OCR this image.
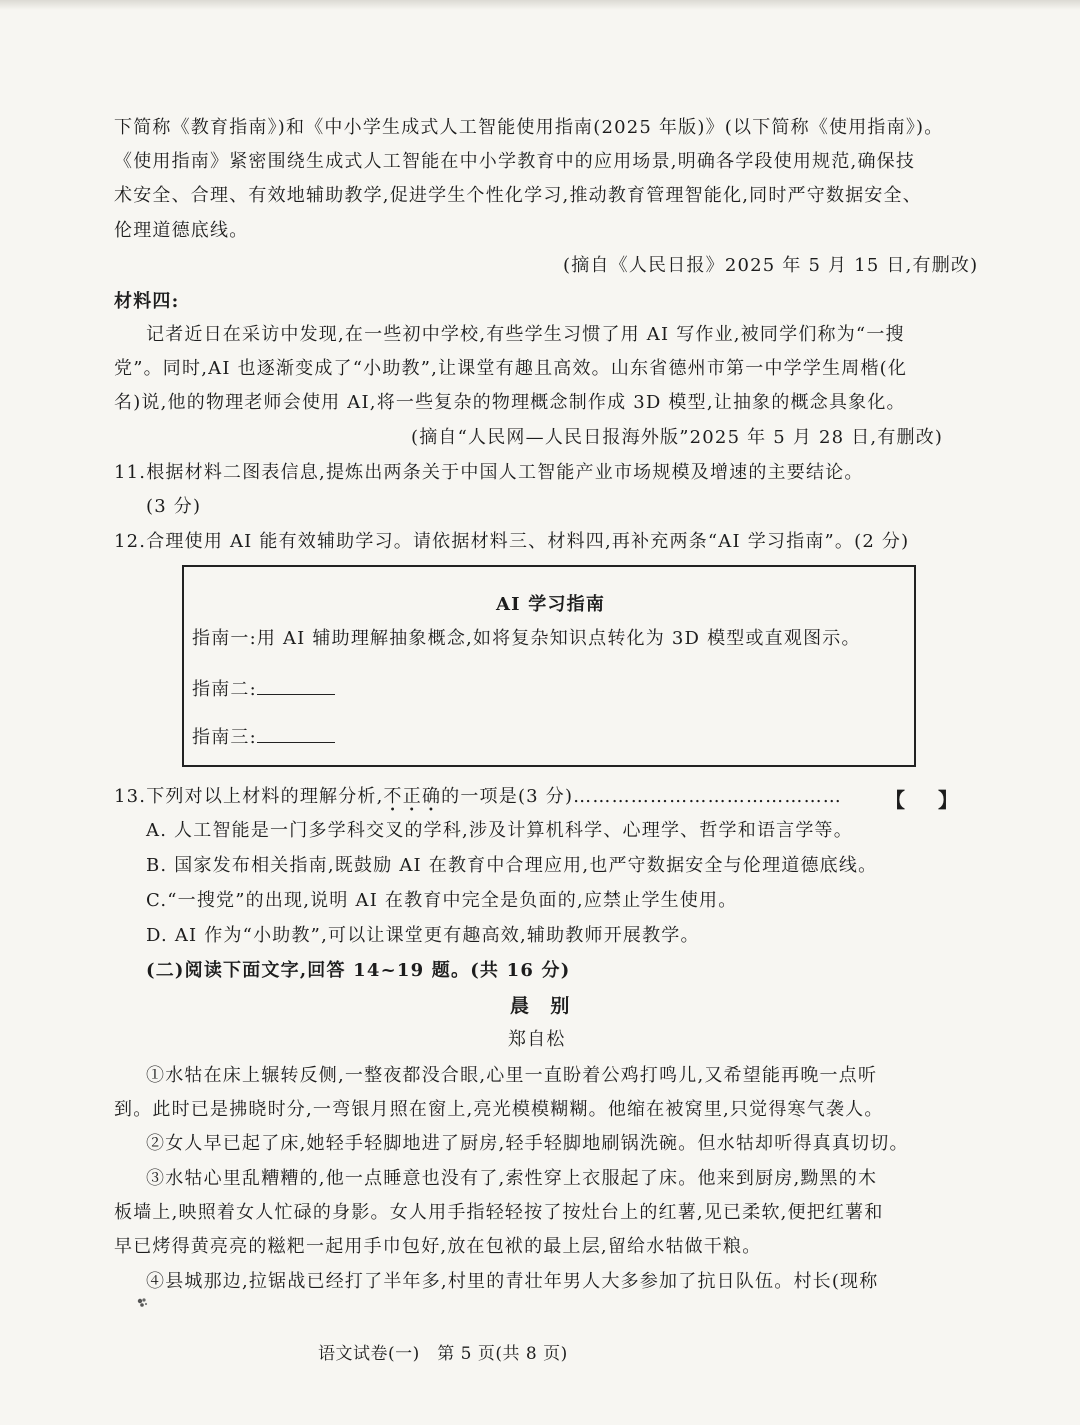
下简称《教育指南》)和《中小学生成式人工智能使用指南(2025 年版)》(以下简称《使用指南》)。
《使用指南》紧密围绕生成式人工智能在中小学教育中的应用场景,明确各学段使用规范,确保技
术安全、合理、有效地辅助教学,促进学生个性化学习,推动教育管理智能化,同时严守数据安全、
伦理道德底线。
(摘自《人民日报》2025 年 5 月 15 日,有删改)
材料四:
记者近日在采访中发现,在一些初中学校,有些学生习惯了用 AI 写作业,被同学们称为“一搜
党”。同时,AI 也逐渐变成了“小助教”,让课堂有趣且高效。山东省德州市第一中学学生周楷(化
名)说,他的物理老师会使用 AI,将一些复杂的物理概念制作成 3D 模型,让抽象的概念具象化。
(摘自“人民网—人民日报海外版”2025 年 5 月 28 日,有删改)
11.根据材料二图表信息,提炼出两条关于中国人工智能产业市场规模及增速的主要结论。
(3 分)
12.合理使用 AI 能有效辅助学习。请依据材料三、材料四,再补充两条“AI 学习指南”。(2 分)
AI 学习指南
指南一:用 AI 辅助理解抽象概念,如将复杂知识点转化为 3D 模型或直观图示。
指南二:
指南三:
13.下列对以上材料的理解分析,不正确的一项是(3 分)…………………………………… 【 】
A. 人工智能是一门多学科交叉的学科,涉及计算机科学、心理学、哲学和语言学等。
B. 国家发布相关指南,既鼓励 AI 在教育中合理应用,也严守数据安全与伦理道德底线。
C.“一搜党”的出现,说明 AI 在教育中完全是负面的,应禁止学生使用。
D. AI 作为“小助教”,可以让课堂更有趣高效,辅助教师开展教学。
(二)阅读下面文字,回答 14~19 题。(共 16 分)
晨　别
郑自松
①水牯在床上辗转反侧,一整夜都没合眼,心里一直盼着公鸡打鸣儿,又希望能再晚一点听
到。此时已是拂晓时分,一弯银月照在窗上,亮光模模糊糊。他缩在被窝里,只觉得寒气袭人。
②女人早已起了床,她轻手轻脚地进了厨房,轻手轻脚地刷锅洗碗。但水牯却听得真真切切。
③水牯心里乱糟糟的,他一点睡意也没有了,索性穿上衣服起了床。他来到厨房,黝黑的木
板墙上,映照着女人忙碌的身影。女人用手指轻轻按了按灶台上的红薯,见已柔软,便把红薯和
早已烤得黄亮亮的糍粑一起用手巾包好,放在包袱的最上层,留给水牯做干粮。
④县城那边,拉锯战已经打了半年多,村里的青壮年男人大多参加了抗日队伍。村长(现称
语文试卷(一)　第 5 页(共 8 页)
